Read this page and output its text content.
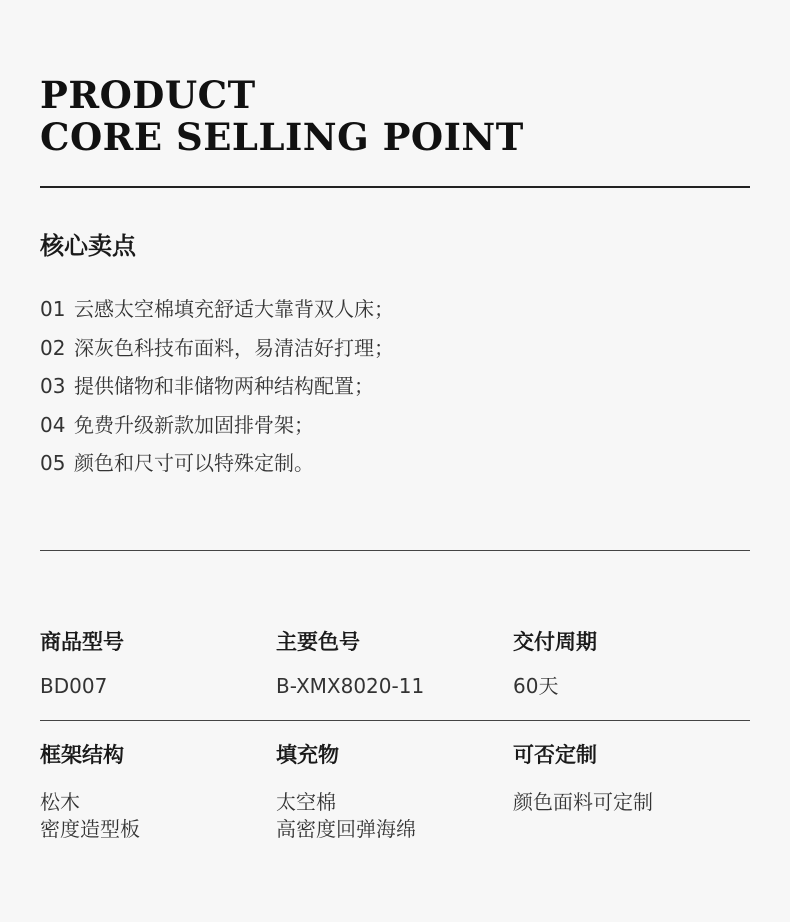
PRODUCT
CORE SELLING POINT
核心卖点
01 云感太空棉填充舒适大靠背双人床；
02 深灰色科技布面料，易清洁好打理；
03 提供储物和非储物两种结构配置；
04 免费升级新款加固排骨架；
05 颜色和尺寸可以特殊定制。
商品型号
BD007
主要色号
B-XMX8020-11
交付周期
60天
框架结构
松木
密度造型板
填充物
太空棉
高密度回弹海绵
可否定制
颜色面料可定制
